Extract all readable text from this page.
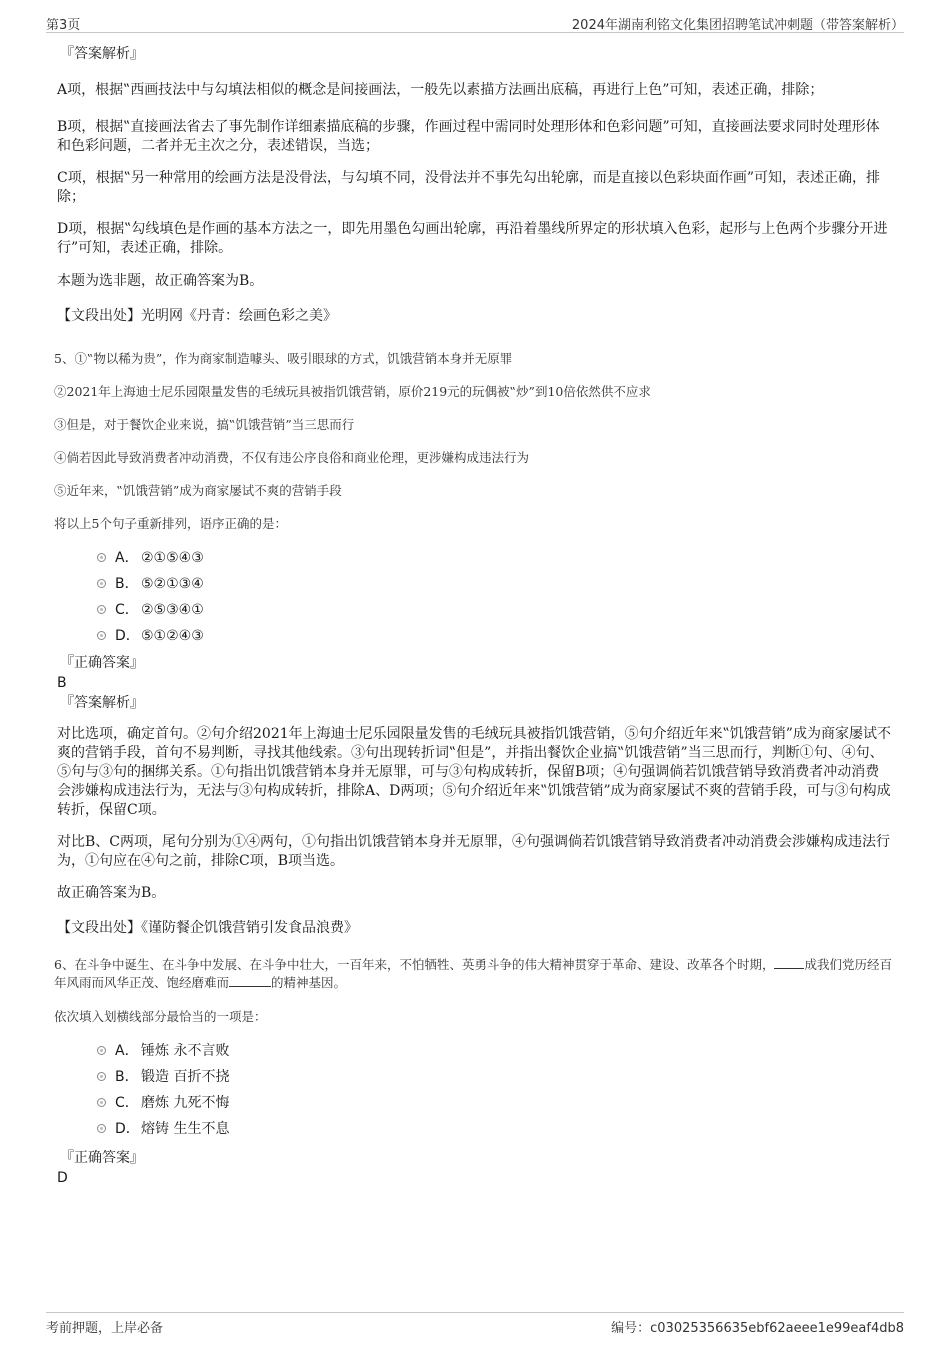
第3页	2024年湖南利铭文化集团招聘笔试冲刺题（带答案解析）

『答案解析』

A项，根据‟西画技法中与勾填法相似的概念是间接画法，一般先以素描方法画出底稿，再进行上色”可知，表述正确，排除；

B项，根据‟直接画法省去了事先制作详细素描底稿的步骤，作画过程中需同时处理形体和色彩问题”可知，直接画法要求同时处理形体和色彩问题，二者并无主次之分，表述错误，当选；

C项，根据‟另一种常用的绘画方法是没骨法，与勾填不同，没骨法并不事先勾出轮廓，而是直接以色彩块面作画”可知，表述正确，排除；

D项，根据‟勾线填色是作画的基本方法之一，即先用墨色勾画出轮廓，再沿着墨线所界定的形状填入色彩，起形与上色两个步骤分开进行”可知，表述正确，排除。

本题为选非题，故正确答案为B。

【文段出处】光明网《丹青：绘画色彩之美》

5、①‟物以稀为贵”，作为商家制造噱头、吸引眼球的方式，饥饿营销本身并无原罪

②2021年上海迪士尼乐园限量发售的毛绒玩具被指饥饿营销，原价219元的玩偶被‟炒”到10倍依然供不应求

③但是，对于餐饮企业来说，搞‟饥饿营销”当三思而行

④倘若因此导致消费者冲动消费，不仅有违公序良俗和商业伦理，更涉嫌构成违法行为

⑤近年来，‟饥饿营销”成为商家屡试不爽的营销手段

将以上5个句子重新排列，语序正确的是：

A． ②①⑤④③
B． ⑤②①③④
C． ②⑤③④①
D．⑤①②④③

『正确答案』

B

『答案解析』

对比选项，确定首句。②句介绍2021年上海迪士尼乐园限量发售的毛绒玩具被指饥饿营销，⑤句介绍近年来‟饥饿营销”成为商家屡试不爽的营销手段，首句不易判断，寻找其他线索。③句出现转折词‟但是”，并指出餐饮企业搞‟饥饿营销”当三思而行，判断①句、④句、⑤句与③句的捆绑关系。①句指出饥饿营销本身并无原罪，可与③句构成转折，保留B项；④句强调倘若饥饿营销导致消费者冲动消费会涉嫌构成违法行为，无法与③句构成转折，排除A、D两项；⑤句介绍近年来‟饥饿营销”成为商家屡试不爽的营销手段，可与③句构成转折，保留C项。

对比B、C两项，尾句分别为①④两句，①句指出饥饿营销本身并无原罪，④句强调倘若饥饿营销导致消费者冲动消费会涉嫌构成违法行为，①句应在④句之前，排除C项，B项当选。

故正确答案为B。

【文段出处】《谨防餐企饥饿营销引发食品浪费》

6、在斗争中诞生、在斗争中发展、在斗争中壮大，一百年来，不怕牺牲、英勇斗争的伟大精神贯穿于革命、建设、改革各个时期， 成我们党历经百年风雨而风华正茂、饱经磨难而	的精神基因。

依次填入划横线部分最恰当的一项是：

A． 锤炼 永不言败
B． 锻造 百折不挠
C． 磨炼 九死不悔
D．熔铸 生生不息

『正确答案』

D

考前押题，上岸必备	编号：c03025356635ebf62aeee1e99eaf4db8
